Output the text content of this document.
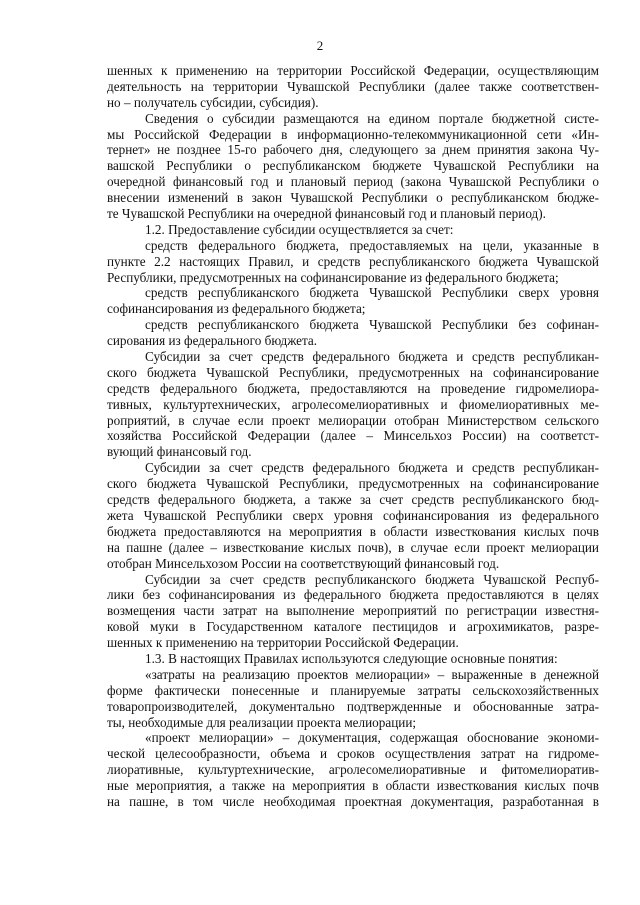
2
шенных к применению на территории Российской Федерации, осуществляющим
деятельность на территории Чувашской Республики (далее также соответствен-
но – получатель субсидии, субсидия).
Сведения о субсидии размещаются на едином портале бюджетной систе-
мы Российской Федерации в информационно-телекоммуникационной сети «Ин-
тернет» не позднее 15-го рабочего дня, следующего за днем принятия закона Чу-
вашской Республики о республиканском бюджете Чувашской Республики на
очередной финансовый год и плановый период (закона Чувашской Республики о
внесении изменений в закон Чувашской Республики о республиканском бюдже-
те Чувашской Республики на очередной финансовый год и плановый период).
1.2. Предоставление субсидии осуществляется за счет:
средств федерального бюджета, предоставляемых на цели, указанные в
пункте 2.2 настоящих Правил, и средств республиканского бюджета Чувашской
Республики, предусмотренных на софинансирование из федерального бюджета;
средств республиканского бюджета Чувашской Республики сверх уровня
софинансирования из федерального бюджета;
средств республиканского бюджета Чувашской Республики без софинан-
сирования из федерального бюджета.
Субсидии за счет средств федерального бюджета и средств республикан-
ского бюджета Чувашской Республики, предусмотренных на софинансирование
средств федерального бюджета, предоставляются на проведение гидромелиора-
тивных, культуртехнических, агролесомелиоративных и фиомелиоративных ме-
роприятий, в случае если проект мелиорации отобран Министерством сельского
хозяйства Российской Федерации (далее – Минсельхоз России) на соответст-
вующий финансовый год.
Субсидии за счет средств федерального бюджета и средств республикан-
ского бюджета Чувашской Республики, предусмотренных на софинансирование
средств федерального бюджета, а также за счет средств республиканского бюд-
жета Чувашской Республики сверх уровня софинансирования из федерального
бюджета предоставляются на мероприятия в области известкования кислых почв
на пашне (далее – известкование кислых почв), в случае если проект мелиорации
отобран Минсельхозом России на соответствующий финансовый год.
Субсидии за счет средств республиканского бюджета Чувашской Респуб-
лики без софинансирования из федерального бюджета предоставляются в целях
возмещения части затрат на выполнение мероприятий по регистрации известня-
ковой муки в Государственном каталоге пестицидов и агрохимикатов, разре-
шенных к применению на территории Российской Федерации.
1.3. В настоящих Правилах используются следующие основные понятия:
«затраты на реализацию проектов мелиорации» – выраженные в денежной
форме фактически понесенные и планируемые затраты сельскохозяйственных
товаропроизводителей, документально подтвержденные и обоснованные затра-
ты, необходимые для реализации проекта мелиорации;
«проект мелиорации» – документация, содержащая обоснование экономи-
ческой целесообразности, объема и сроков осуществления затрат на гидроме-
лиоративные, культуртехнические, агролесомелиоративные и фитомелиоратив-
ные мероприятия, а также на мероприятия в области известкования кислых почв
на пашне, в том числе необходимая проектная документация, разработанная в
